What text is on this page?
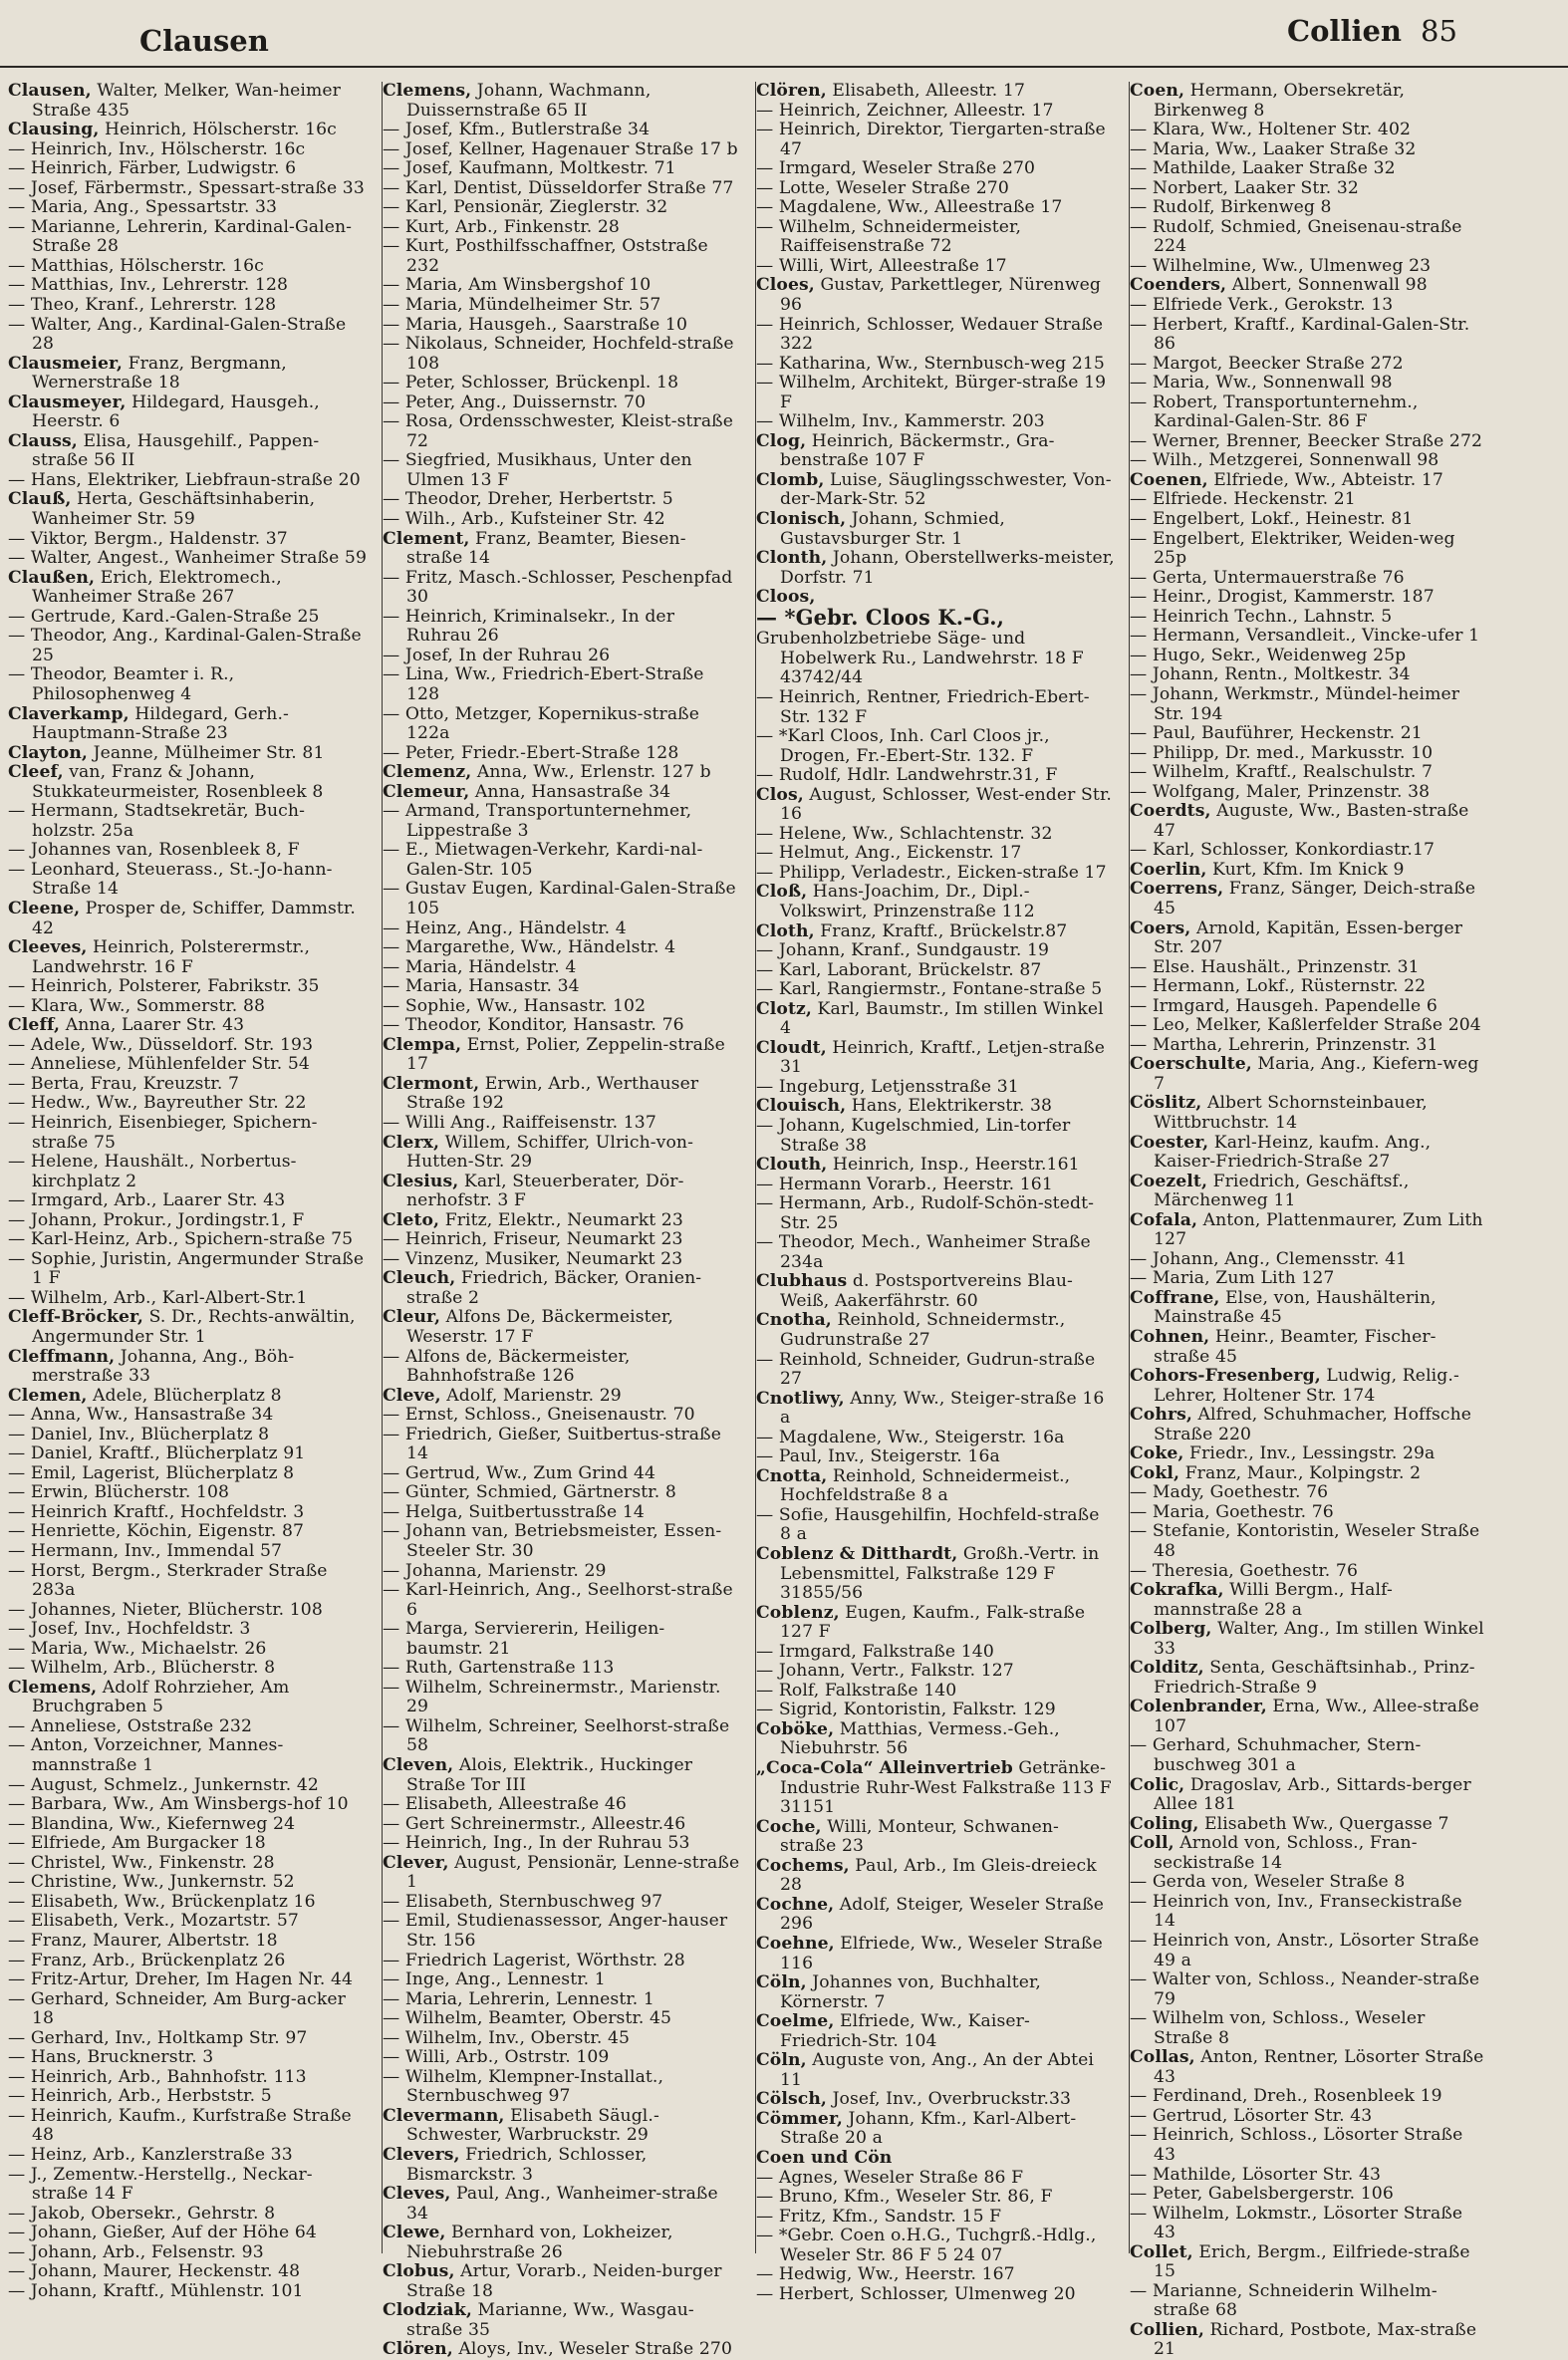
Clausen	Collien 85

Clausen, Walter, Melker, Wan-heimer Straße 435

Clausing, Heinrich, Hölscherstr. 16c

— Heinrich, Inv., Hölscherstr. 16c

— Heinrich, Färber, Ludwigstr. 6

— Josef, Färbermstr., Spessart-straße 33

— Maria, Ang., Spessartstr. 33

— Marianne, Lehrerin, Kardinal-Galen-Straße 28

— Matthias, Hölscherstr. 16c

— Matthias, Inv., Lehrerstr. 128

— Theo, Kranf., Lehrerstr. 128

— Walter, Ang., Kardinal-Galen-Straße 28

Clausmeier, Franz, Bergmann, Wernerstraße 18

Clausmeyer, Hildegard, Hausgeh., Heerstr. 6

Clauss, Elisa, Hausgehilf., Pappen-straße 56 II

— Hans, Elektriker, Liebfraun-straße 20

Clauß, Herta, Geschäftsinhaberin, Wanheimer Str. 59

— Viktor, Bergm., Haldenstr. 37

— Walter, Angest., Wanheimer Straße 59

Claußen, Erich, Elektromech., Wanheimer Straße 267

— Gertrude, Kard.-Galen-Straße 25

— Theodor, Ang., Kardinal-Galen-Straße 25

— Theodor, Beamter i. R., Philosophenweg 4

Claverkamp, Hildegard, Gerh.-Hauptmann-Straße 23

Clayton, Jeanne, Mülheimer Str. 81

Cleef, van, Franz & Johann, Stukkateurmeister, Rosenbleek 8

— Hermann, Stadtsekretär, Buch-holzstr. 25a

— Johannes van, Rosenbleek 8, F

— Leonhard, Steuerass., St.-Jo-hann-Straße 14

Cleene, Prosper de, Schiffer, Dammstr. 42

Cleeves, Heinrich, Polsterermstr., Landwehrstr. 16 F

— Heinrich, Polsterer, Fabrikstr. 35

— Klara, Ww., Sommerstr. 88

Cleff, Anna, Laarer Str. 43

— Adele, Ww., Düsseldorf. Str. 193

— Anneliese, Mühlenfelder Str. 54

— Berta, Frau, Kreuzstr. 7

— Hedw., Ww., Bayreuther Str. 22

— Heinrich, Eisenbieger, Spichern-straße 75

— Helene, Haushält., Norbertus-kirchplatz 2

— Irmgard, Arb., Laarer Str. 43

— Johann, Prokur., Jordingstr.1, F

— Karl-Heinz, Arb., Spichern-straße 75

— Sophie, Juristin, Angermunder Straße 1 F

— Wilhelm, Arb., Karl-Albert-Str.1

Cleff-Bröcker, S. Dr., Rechts-anwältin, Angermunder Str. 1

Cleffmann, Johanna, Ang., Böh-merstraße 33

Clemen, Adele, Blücherplatz 8

— Anna, Ww., Hansastraße 34

— Daniel, Inv., Blücherplatz 8

— Daniel, Kraftf., Blücherplatz 91

— Emil, Lagerist, Blücherplatz 8

— Erwin, Blücherstr. 108

— Heinrich Kraftf., Hochfeldstr. 3

— Henriette, Köchin, Eigenstr. 87

— Hermann, Inv., Immendal 57

— Horst, Bergm., Sterkrader Straße 283a

— Johannes, Nieter, Blücherstr. 108

— Josef, Inv., Hochfeldstr. 3

— Maria, Ww., Michaelstr. 26

— Wilhelm, Arb., Blücherstr. 8

Clemens, Adolf Rohrzieher, Am Bruchgraben 5

— Anneliese, Oststraße 232

— Anton, Vorzeichner, Mannes-mannstraße 1

— August, Schmelz., Junkernstr. 42

— Barbara, Ww., Am Winsbergs-hof 10

— Blandina, Ww., Kiefernweg 24

— Elfriede, Am Burgacker 18

— Christel, Ww., Finkenstr. 28

— Christine, Ww., Junkernstr. 52

— Elisabeth, Ww., Brückenplatz 16

— Elisabeth, Verk., Mozartstr. 57

— Franz, Maurer, Albertstr. 18

— Franz, Arb., Brückenplatz 26

— Fritz-Artur, Dreher, Im Hagen Nr. 44

— Gerhard, Schneider, Am Burg-acker 18

— Gerhard, Inv., Holtkamp Str. 97

— Hans, Brucknerstr. 3

— Heinrich, Arb., Bahnhofstr. 113

— Heinrich, Arb., Herbststr. 5

— Heinrich, Kaufm., Kurfstraße Straße 48

— Heinz, Arb., Kanzlerstraße 33

— J., Zementw.-Herstellg., Neckar-straße 14 F

— Jakob, Obersekr., Gehrstr. 8

— Johann, Gießer, Auf der Höhe 64

— Johann, Arb., Felsenstr. 93

— Johann, Maurer, Heckenstr. 48

— Johann, Kraftf., Mühlenstr. 101

Clemens, Johann, Wachmann, Duissernstraße 65 II

— Josef, Kfm., Butlerstraße 34

— Josef, Kellner, Hagenauer Straße 17 b

— Josef, Kaufmann, Moltkestr. 71

— Karl, Dentist, Düsseldorfer Straße 77

— Karl, Pensionär, Zieglerstr. 32

— Kurt, Arb., Finkenstr. 28

— Kurt, Posthilfsschaffner, Oststraße 232

— Maria, Am Winsbergshof 10

— Maria, Mündelheimer Str. 57

— Maria, Hausgeh., Saarstraße 10

— Nikolaus, Schneider, Hochfeld-straße 108

— Peter, Schlosser, Brückenpl. 18

— Peter, Ang., Duissernstr. 70

— Rosa, Ordensschwester, Kleist-straße 72

— Siegfried, Musikhaus, Unter den Ulmen 13 F

— Theodor, Dreher, Herbertstr. 5

— Wilh., Arb., Kufsteiner Str. 42

Clement, Franz, Beamter, Biesen-straße 14

— Fritz, Masch.-Schlosser, Peschenpfad 30

— Heinrich, Kriminalsekr., In der Ruhrau 26

— Josef, In der Ruhrau 26

— Lina, Ww., Friedrich-Ebert-Straße 128

— Otto, Metzger, Kopernikus-straße 122a

— Peter, Friedr.-Ebert-Straße 128

Clemenz, Anna, Ww., Erlenstr. 127 b

Clemeur, Anna, Hansastraße 34

— Armand, Transportunternehmer, Lippestraße 3

— E., Mietwagen-Verkehr, Kardi-nal-Galen-Str. 105

— Gustav Eugen, Kardinal-Galen-Straße 105

— Heinz, Ang., Händelstr. 4

— Margarethe, Ww., Händelstr. 4

— Maria, Händelstr. 4

— Maria, Hansastr. 34

— Sophie, Ww., Hansastr. 102

— Theodor, Konditor, Hansastr. 76

Clempa, Ernst, Polier, Zeppelin-straße 17

Clermont, Erwin, Arb., Werthauser Straße 192

— Willi Ang., Raiffeisenstr. 137

Clerx, Willem, Schiffer, Ulrich-von-Hutten-Str. 29

Clesius, Karl, Steuerberater, Dör-nerhofstr. 3 F

Cleto, Fritz, Elektr., Neumarkt 23

— Heinrich, Friseur, Neumarkt 23

— Vinzenz, Musiker, Neumarkt 23

Cleuch, Friedrich, Bäcker, Oranien-straße 2

Cleur, Alfons De, Bäckermeister, Weserstr. 17 F

— Alfons de, Bäckermeister, Bahnhofstraße 126

Cleve, Adolf, Marienstr. 29

— Ernst, Schloss., Gneisenaustr. 70

— Friedrich, Gießer, Suitbertus-straße 14

— Gertrud, Ww., Zum Grind 44

— Günter, Schmied, Gärtnerstr. 8

— Helga, Suitbertusstraße 14

— Johann van, Betriebsmeister, Essen-Steeler Str. 30

— Johanna, Marienstr. 29

— Karl-Heinrich, Ang., Seelhorst-straße 6

— Marga, Serviererin, Heiligen-baumstr. 21

— Ruth, Gartenstraße 113

— Wilhelm, Schreinermstr., Marienstr. 29

— Wilhelm, Schreiner, Seelhorst-straße 58

Cleven, Alois, Elektrik., Huckinger Straße Tor III

— Elisabeth, Alleestraße 46

— Gert Schreinermstr., Alleestr.46

— Heinrich, Ing., In der Ruhrau 53

Clever, August, Pensionär, Lenne-straße 1

— Elisabeth, Sternbuschweg 97

— Emil, Studienassessor, Anger-hauser Str. 156

— Friedrich Lagerist, Wörthstr. 28

— Inge, Ang., Lennestr. 1

— Maria, Lehrerin, Lennestr. 1

— Wilhelm, Beamter, Oberstr. 45

— Wilhelm, Inv., Oberstr. 45

— Willi, Arb., Ostrstr. 109

— Wilhelm, Klempner-Installat., Sternbuschweg 97

Clevermann, Elisabeth Säugl.-Schwester, Warbruckstr. 29

Clevers, Friedrich, Schlosser, Bismarckstr. 3

Cleves, Paul, Ang., Wanheimer-straße 34

Clewe, Bernhard von, Lokheizer, Niebuhrstraße 26

Clobus, Artur, Vorarb., Neiden-burger Straße 18

Clodziak, Marianne, Ww., Wasgau-straße 35

Clören, Aloys, Inv., Weseler Straße 270

Clören, Elisabeth, Alleestr. 17

— Heinrich, Zeichner, Alleestr. 17

— Heinrich, Direktor, Tiergarten-straße 47

— Irmgard, Weseler Straße 270

— Lotte, Weseler Straße 270

— Magdalene, Ww., Alleestraße 17

— Wilhelm, Schneidermeister, Raiffeisenstraße 72

— Willi, Wirt, Alleestraße 17

Cloes, Gustav, Parkettleger, Nürenweg 96

— Heinrich, Schlosser, Wedauer Straße 322

— Katharina, Ww., Sternbusch-weg 215

— Wilhelm, Architekt, Bürger-straße 19 F

— Wilhelm, Inv., Kammerstr. 203

Clog, Heinrich, Bäckermstr., Gra-benstraße 107 F

Clomb, Luise, Säuglingsschwester, Von-der-Mark-Str. 52

Clonisch, Johann, Schmied, Gustavsburger Str. 1

Clonth, Johann, Oberstellwerks-meister, Dorfstr. 71

Cloos,

— *Gebr. Cloos K.-G.,

Grubenholzbetriebe Säge- und Hobelwerk Ru., Landwehrstr. 18 F 43742/44

— Heinrich, Rentner, Friedrich-Ebert-Str. 132 F

— *Karl Cloos, Inh. Carl Cloos jr., Drogen, Fr.-Ebert-Str. 132. F

— Rudolf, Hdlr. Landwehrstr.31, F

Clos, August, Schlosser, West-ender Str. 16

— Helene, Ww., Schlachtenstr. 32

— Helmut, Ang., Eickenstr. 17

— Philipp, Verladestr., Eicken-straße 17

Cloß, Hans-Joachim, Dr., Dipl.-Volkswirt, Prinzenstraße 112

Cloth, Franz, Kraftf., Brückelstr.87

— Johann, Kranf., Sundgaustr. 19

— Karl, Laborant, Brückelstr. 87

— Karl, Rangiermstr., Fontane-straße 5

Clotz, Karl, Baumstr., Im stillen Winkel 4

Cloudt, Heinrich, Kraftf., Letjen-straße 31

— Ingeburg, Letjensstraße 31

Clouisch, Hans, Elektrikerstr. 38

— Johann, Kugelschmied, Lin-torfer Straße 38

Clouth, Heinrich, Insp., Heerstr.161

— Hermann Vorarb., Heerstr. 161

— Hermann, Arb., Rudolf-Schön-stedt-Str. 25

— Theodor, Mech., Wanheimer Straße 234a

Clubhaus d. Postsportvereins Blau-Weiß, Aakerfährstr. 60

Cnotha, Reinhold, Schneidermstr., Gudrunstraße 27

— Reinhold, Schneider, Gudrun-straße 27

Cnotliwy, Anny, Ww., Steiger-straße 16 a

— Magdalene, Ww., Steigerstr. 16a

— Paul, Inv., Steigerstr. 16a

Cnotta, Reinhold, Schneidermeist., Hochfeldstraße 8 a

— Sofie, Hausgehilfin, Hochfeld-straße 8 a

Coblenz & Ditthardt, Großh.-Vertr. in Lebensmittel, Falkstraße 129 F 31855/56

Coblenz, Eugen, Kaufm., Falk-straße 127 F

— Irmgard, Falkstraße 140

— Johann, Vertr., Falkstr. 127

— Rolf, Falkstraße 140

— Sigrid, Kontoristin, Falkstr. 129

Coböke, Matthias, Vermess.-Geh., Niebuhrstr. 56

„Coca-Cola“ Alleinvertrieb Getränke-Industrie Ruhr-West Falkstraße 113 F 31151

Coche, Willi, Monteur, Schwanen-straße 23

Cochems, Paul, Arb., Im Gleis-dreieck 28

Cochne, Adolf, Steiger, Weseler Straße 296

Coehne, Elfriede, Ww., Weseler Straße 116

Cöln, Johannes von, Buchhalter, Körnerstr. 7

Coelme, Elfriede, Ww., Kaiser-Friedrich-Str. 104

Cöln, Auguste von, Ang., An der Abtei 11

Cölsch, Josef, Inv., Overbruckstr.33

Cömmer, Johann, Kfm., Karl-Albert-Straße 20 a

Coen und Cön

— Agnes, Weseler Straße 86 F

— Bruno, Kfm., Weseler Str. 86, F

— Fritz, Kfm., Sandstr. 15 F

— *Gebr. Coen o.H.G., Tuchgrß.-Hdlg., Weseler Str. 86 F 5 24 07

— Hedwig, Ww., Heerstr. 167

— Herbert, Schlosser, Ulmenweg 20

Coen, Hermann, Obersekretär, Birkenweg 8

— Klara, Ww., Holtener Str. 402

— Maria, Ww., Laaker Straße 32

— Mathilde, Laaker Straße 32

— Norbert, Laaker Str. 32

— Rudolf, Birkenweg 8

— Rudolf, Schmied, Gneisenau-straße 224

— Wilhelmine, Ww., Ulmenweg 23

Coenders, Albert, Sonnenwall 98

— Elfriede Verk., Gerokstr. 13

— Herbert, Kraftf., Kardinal-Galen-Str. 86

— Margot, Beecker Straße 272

— Maria, Ww., Sonnenwall 98

— Robert, Transportunternehm., Kardinal-Galen-Str. 86 F

— Werner, Brenner, Beecker Straße 272

— Wilh., Metzgerei, Sonnenwall 98

Coenen, Elfriede, Ww., Abteistr. 17

— Elfriede. Heckenstr. 21

— Engelbert, Lokf., Heinestr. 81

— Engelbert, Elektriker, Weiden-weg 25p

— Gerta, Untermauerstraße 76

— Heinr., Drogist, Kammerstr. 187

— Heinrich Techn., Lahnstr. 5

— Hermann, Versandleit., Vincke-ufer 1

— Hugo, Sekr., Weidenweg 25p

— Johann, Rentn., Moltkestr. 34

— Johann, Werkmstr., Mündel-heimer Str. 194

— Paul, Bauführer, Heckenstr. 21

— Philipp, Dr. med., Markusstr. 10

— Wilhelm, Kraftf., Realschulstr. 7

— Wolfgang, Maler, Prinzenstr. 38

Coerdts, Auguste, Ww., Basten-straße 47

— Karl, Schlosser, Konkordiastr.17

Coerlin, Kurt, Kfm. Im Knick 9

Coerrens, Franz, Sänger, Deich-straße 45

Coers, Arnold, Kapitän, Essen-berger Str. 207

— Else. Haushält., Prinzenstr. 31

— Hermann, Lokf., Rüsternstr. 22

— Irmgard, Hausgeh. Papendelle 6

— Leo, Melker, Kaßlerfelder Straße 204

— Martha, Lehrerin, Prinzenstr. 31

Coerschulte, Maria, Ang., Kiefern-weg 7

Cöslitz, Albert Schornsteinbauer, Wittbruchstr. 14

Coester, Karl-Heinz, kaufm. Ang., Kaiser-Friedrich-Straße 27

Coezelt, Friedrich, Geschäftsf., Märchenweg 11

Cofala, Anton, Plattenmaurer, Zum Lith 127

— Johann, Ang., Clemensstr. 41

— Maria, Zum Lith 127

Coffrane, Else, von, Haushälterin, Mainstraße 45

Cohnen, Heinr., Beamter, Fischer-straße 45

Cohors-Fresenberg, Ludwig, Relig.-Lehrer, Holtener Str. 174

Cohrs, Alfred, Schuhmacher, Hoffsche Straße 220

Coke, Friedr., Inv., Lessingstr. 29a

Cokl, Franz, Maur., Kolpingstr. 2

— Mady, Goethestr. 76

— Maria, Goethestr. 76

— Stefanie, Kontoristin, Weseler Straße 48

— Theresia, Goethestr. 76

Cokrafka, Willi Bergm., Half-mannstraße 28 a

Colberg, Walter, Ang., Im stillen Winkel 33

Colditz, Senta, Geschäftsinhab., Prinz-Friedrich-Straße 9

Colenbrander, Erna, Ww., Allee-straße 107

— Gerhard, Schuhmacher, Stern-buschweg 301 a

Colic, Dragoslav, Arb., Sittards-berger Allee 181

Coling, Elisabeth Ww., Quergasse 7

Coll, Arnold von, Schloss., Fran-seckistraße 14

— Gerda von, Weseler Straße 8

— Heinrich von, Inv., Franseckistraße 14

— Heinrich von, Anstr., Lösorter Straße 49 a

— Walter von, Schloss., Neander-straße 79

— Wilhelm von, Schloss., Weseler Straße 8

Collas, Anton, Rentner, Lösorter Straße 43

— Ferdinand, Dreh., Rosenbleek 19

— Gertrud, Lösorter Str. 43

— Heinrich, Schloss., Lösorter Straße 43

— Mathilde, Lösorter Str. 43

— Peter, Gabelsbergerstr. 106

— Wilhelm, Lokmstr., Lösorter Straße 43

Collet, Erich, Bergm., Eilfriede-straße 15

— Marianne, Schneiderin Wilhelm-straße 68

Collien, Richard, Postbote, Max-straße 21
